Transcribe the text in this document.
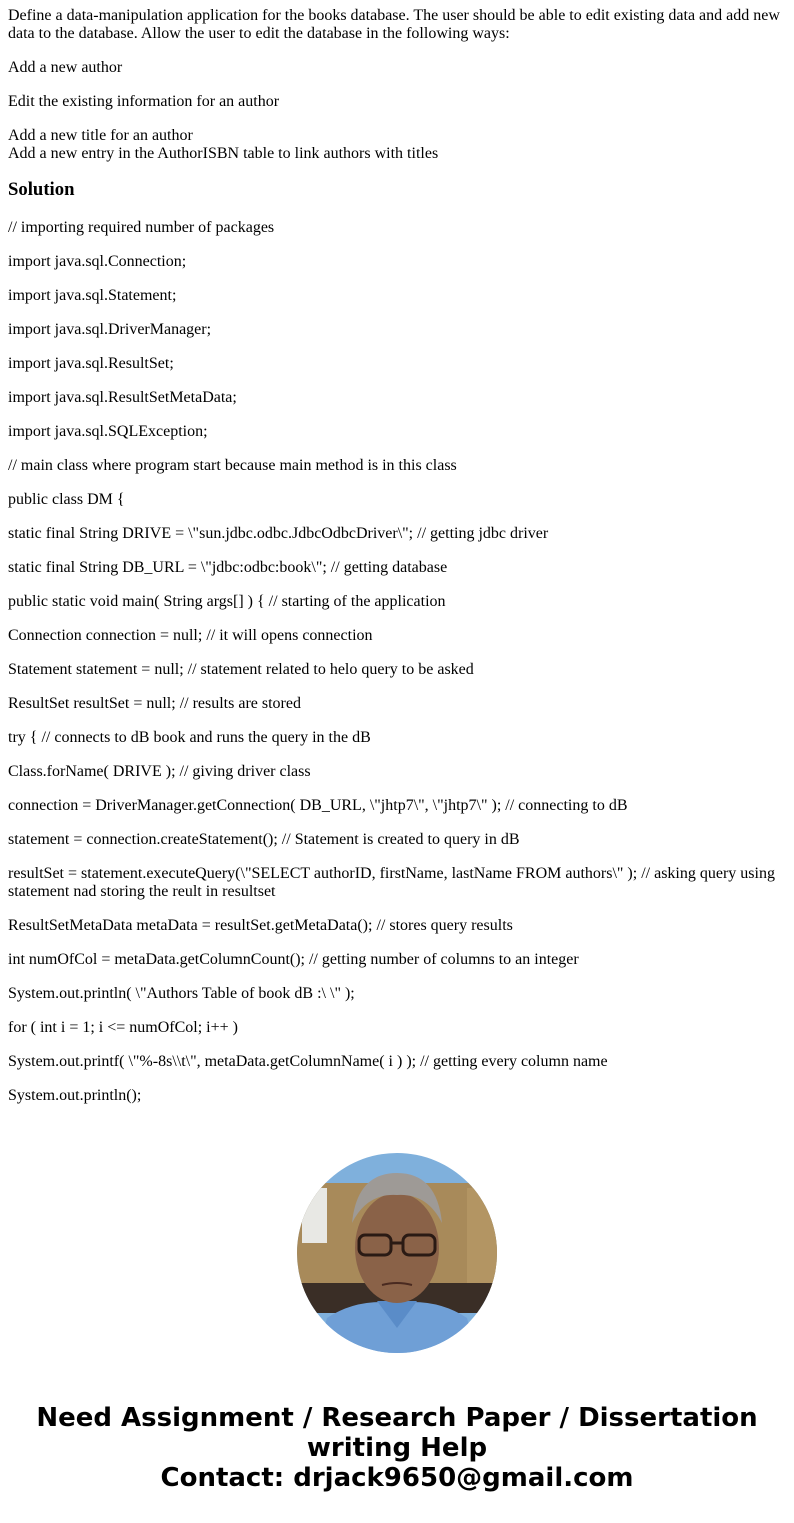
Define a data-manipulation application for the books database. The user should be able to edit existing data and add new data to the database. Allow the user to edit the database in the following ways:

Add a new author

Edit the existing information for an author

Add a new title for an author

Add a new entry in the AuthorISBN table to link authors with titles

Solution

// importing required number of packages

import java.sql.Connection;

import java.sql.Statement;

import java.sql.DriverManager;

import java.sql.ResultSet;

import java.sql.ResultSetMetaData;

import java.sql.SQLException;

// main class where program start because main method is in this class

public class DM {

static final String DRIVE = \"sun.jdbc.odbc.JdbcOdbcDriver\"; // getting jdbc driver

static final String DB_URL = \"jdbc:odbc:book\"; // getting database

public static void main( String args[] ) { // starting of the application

Connection connection = null; // it will opens connection

Statement statement = null; // statement related to helo query to be asked

ResultSet resultSet = null; // results are stored

try { // connects to dB book and runs the query in the dB

Class.forName( DRIVE ); // giving driver class

connection = DriverManager.getConnection( DB_URL, \"jhtp7\", \"jhtp7\" ); // connecting to dB

statement = connection.createStatement(); // Statement is created to query in dB

resultSet = statement.executeQuery(\"SELECT authorID, firstName, lastName FROM authors\" ); // asking query using statement nad storing the reult in resultset

ResultSetMetaData metaData = resultSet.getMetaData(); // stores query results

int numOfCol = metaData.getColumnCount(); // getting number of columns to an integer

System.out.println( \"Authors Table of book dB :\ \" );

for ( int i = 1; i <= numOfCol; i++ )

System.out.printf( \"%-8s\\t\", metaData.getColumnName( i ) ); // getting every column name

System.out.println();

Need Assignment / Research Paper / Dissertation
writing Help
Contact: drjack9650@gmail.com
